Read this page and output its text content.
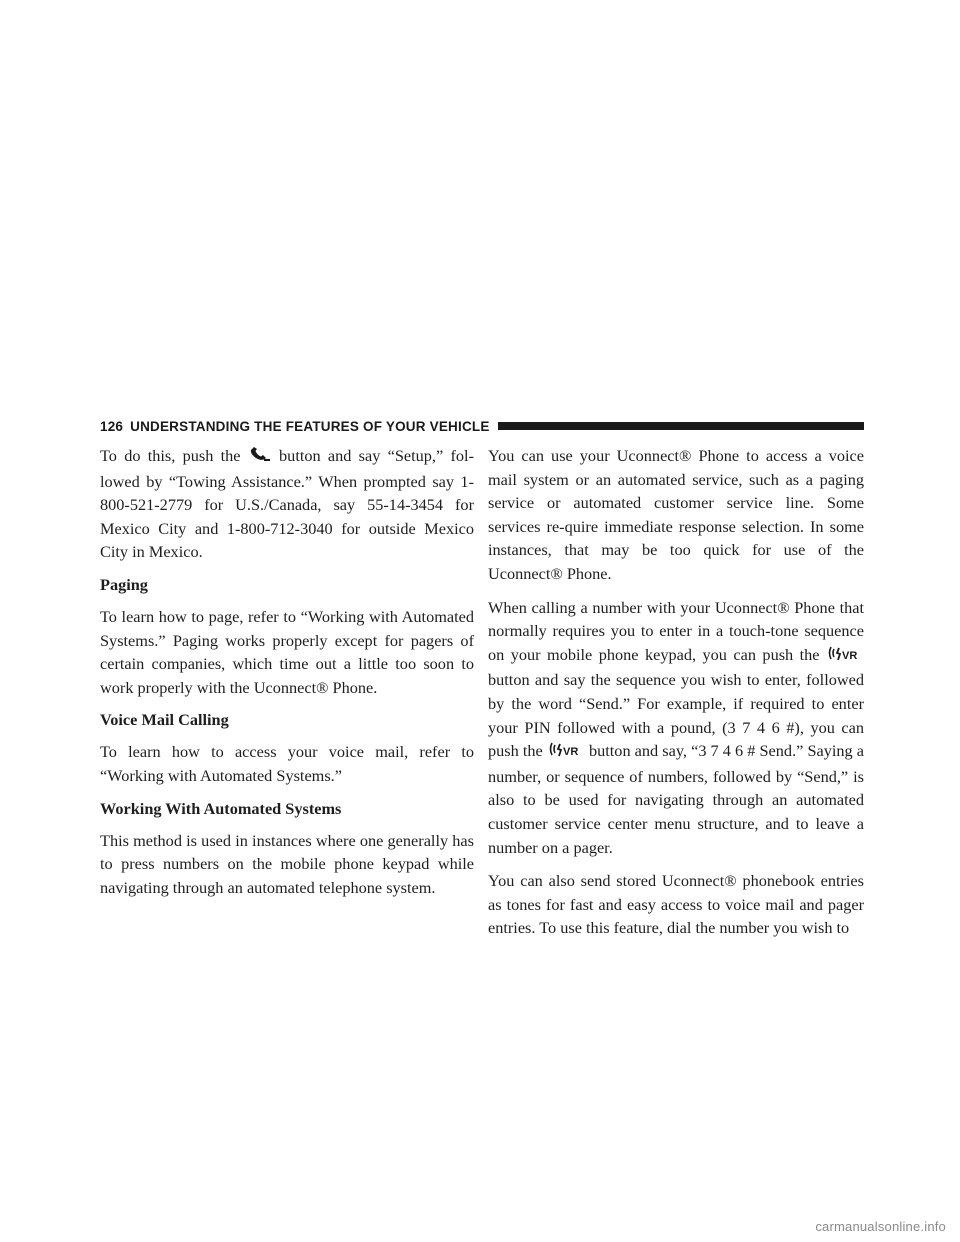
126 UNDERSTANDING THE FEATURES OF YOUR VEHICLE

To do this, push the button and say “Setup,” fol-lowed by “Towing Assistance.” When prompted say 1-800-521-2779 for U.S./Canada, say 55-14-3454 for Mexico City and 1-800-712-3040 for outside Mexico City in Mexico.

Paging

To learn how to page, refer to “Working with Automated Systems.” Paging works properly except for pagers of certain companies, which time out a little too soon to work properly with the Uconnect® Phone.

Voice Mail Calling

To learn how to access your voice mail, refer to “Working with Automated Systems.”

Working With Automated Systems

This method is used in instances where one generally has to press numbers on the mobile phone keypad while navigating through an automated telephone system.

You can use your Uconnect® Phone to access a voice mail system or an automated service, such as a paging service or automated customer service line. Some services re-quire immediate response selection. In some instances, that may be too quick for use of the Uconnect® Phone.

When calling a number with your Uconnect® Phone that normally requires you to enter in a touch-tone sequence on your mobile phone keypad, you can push the VR
button and say the sequence you wish to enter, followed by the word “Send.” For example, if required to enter your PIN followed with a pound, (3 7 4 6 #), you can push the VR button and say, “3 7 4 6 # Send.” Saying a number, or sequence of numbers, followed by “Send,” is also to be used for navigating through an automated customer service center menu structure, and to leave a number on a pager.

You can also send stored Uconnect® phonebook entries as tones for fast and easy access to voice mail and pager entries. To use this feature, dial the number you wish to

carmanualsonline.info
